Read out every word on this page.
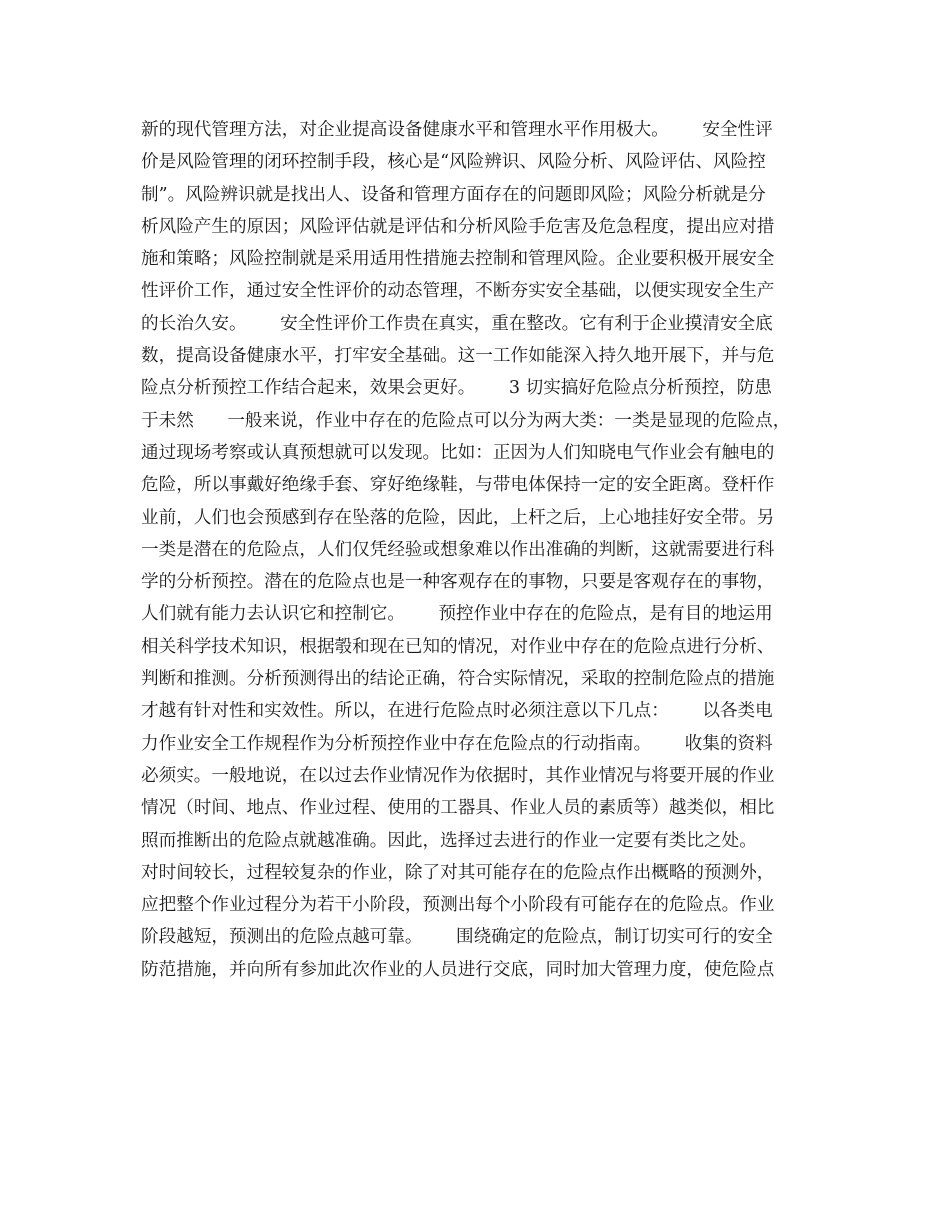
新的现代管理方法，对企业提高设备健康水平和管理水平作用极大。      安全性评
价是风险管理的闭环控制手段，核心是“风险辨识、风险分析、风险评估、风险控
制”。风险辨识就是找出人、设备和管理方面存在的问题即风险；风险分析就是分
析风险产生的原因；风险评估就是评估和分析风险手危害及危急程度，提出应对措
施和策略；风险控制就是采用适用性措施去控制和管理风险。企业要积极开展安全
性评价工作，通过安全性评价的动态管理，不断夯实安全基础，以便实现安全生产
的长治久安。      安全性评价工作贵在真实，重在整改。它有利于企业摸清安全底
数，提高设备健康水平，打牢安全基础。这一工作如能深入持久地开展下，并与危
险点分析预控工作结合起来，效果会更好。      3 切实搞好危险点分析预控，防患
于未然      一般来说，作业中存在的危险点可以分为两大类：一类是显现的危险点，
通过现场考察或认真预想就可以发现。比如：正因为人们知晓电气作业会有触电的
危险，所以事戴好绝缘手套、穿好绝缘鞋，与带电体保持一定的安全距离。登杆作
业前，人们也会预感到存在坠落的危险，因此，上杆之后，上心地挂好安全带。另
一类是潜在的危险点，人们仅凭经验或想象难以作出准确的判断，这就需要进行科
学的分析预控。潜在的危险点也是一种客观存在的事物，只要是客观存在的事物，
人们就有能力去认识它和控制它。      预控作业中存在的危险点，是有目的地运用
相关科学技术知识，根据彀和现在已知的情况，对作业中存在的危险点进行分析、
判断和推测。分析预测得出的结论正确，符合实际情况，采取的控制危险点的措施
才越有针对性和实效性。所以，在进行危险点时必须注意以下几点：      以各类电
力作业安全工作规程作为分析预控作业中存在危险点的行动指南。      收集的资料
必须实。一般地说，在以过去作业情况作为依据时，其作业情况与将要开展的作业
情况（时间、地点、作业过程、使用的工器具、作业人员的素质等）越类似，相比
照而推断出的危险点就越准确。因此，选择过去进行的作业一定要有类比之处。
对时间较长，过程较复杂的作业，除了对其可能存在的危险点作出概略的预测外，
应把整个作业过程分为若干小阶段，预测出每个小阶段有可能存在的危险点。作业
阶段越短，预测出的危险点越可靠。      围绕确定的危险点，制订切实可行的安全
防范措施，并向所有参加此次作业的人员进行交底，同时加大管理力度，使危险点
